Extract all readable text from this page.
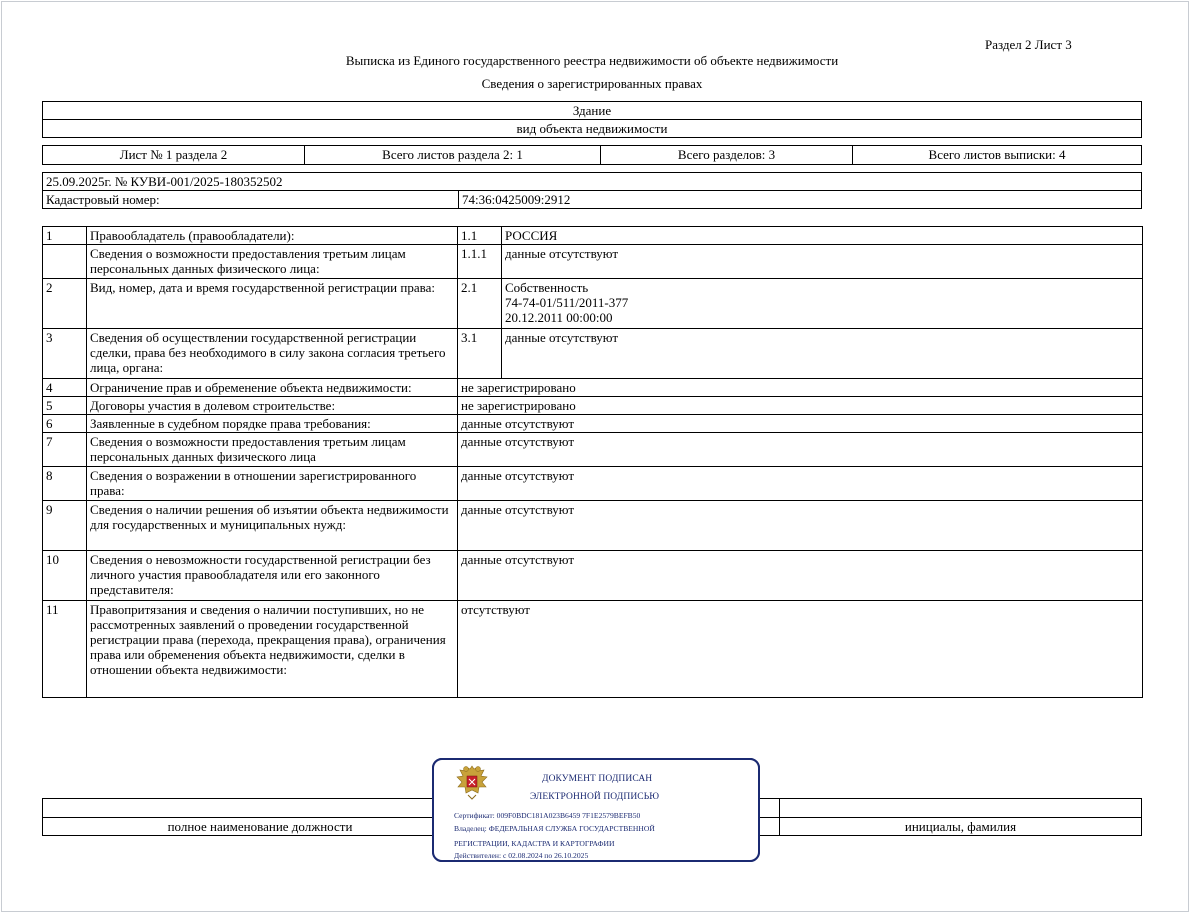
Раздел 2 Лист 3
Выписка из Единого государственного реестра недвижимости об объекте недвижимости
Сведения о зарегистрированных правах
Здание
вид объекта недвижимости
Лист № 1 раздела 2	Всего листов раздела 2: 1	Всего разделов: 3	Всего листов выписки: 4
25.09.2025г. № КУВИ-001/2025-180352502
Кадастровый номер:	74:36:0425009:2912
1	Правообладатель (правообладатели):	1.1	РОССИЯ
	Сведения о возможности предоставления третьим лицам персональных данных физического лица:	1.1.1	данные отсутствуют
2	Вид, номер, дата и время государственной регистрации права:	2.1	Собственность
74-74-01/511/2011-377
20.12.2011 00:00:00

3	Сведения об осуществлении государственной регистрации сделки, права без необходимого в силу закона согласия третьего лица, органа:	3.1	данные отсутствуют
4	Ограничение прав и обременение объекта недвижимости:	не зарегистрировано	
5	Договоры участия в долевом строительстве:	не зарегистрировано	
6	Заявленные в судебном порядке права требования:	данные отсутствуют	
7	Сведения о возможности предоставления третьим лицам персональных данных физического лица	данные отсутствуют	
8	Сведения о возражении в отношении зарегистрированного права:	данные отсутствуют	
9	Сведения о наличии решения об изъятии объекта недвижимости для государственных и муниципальных нужд:	данные отсутствуют	
10	Сведения о невозможности государственной регистрации без личного участия правообладателя или его законного представителя:	данные отсутствуют	
11	Правопритязания и сведения о наличии поступивших, но не рассмотренных заявлений о проведении государственной регистрации права (перехода, прекращения права), ограничения права или обременения объекта недвижимости, сделки в отношении объекта недвижимости:	отсутствуют	
полное наименование должности	инициалы, фамилия
ДОКУМЕНТ ПОДПИСАН
ЭЛЕКТРОННОЙ ПОДПИСЬЮ
Сертификат: 009F0BDC181A023B6459 7F1E2579BEFB50
Владелец: ФЕДЕРАЛЬНАЯ СЛУЖБА ГОСУДАРСТВЕННОЙ
РЕГИСТРАЦИИ, КАДАСТРА И КАРТОГРАФИИ
Действителен: с 02.08.2024 по 26.10.2025
